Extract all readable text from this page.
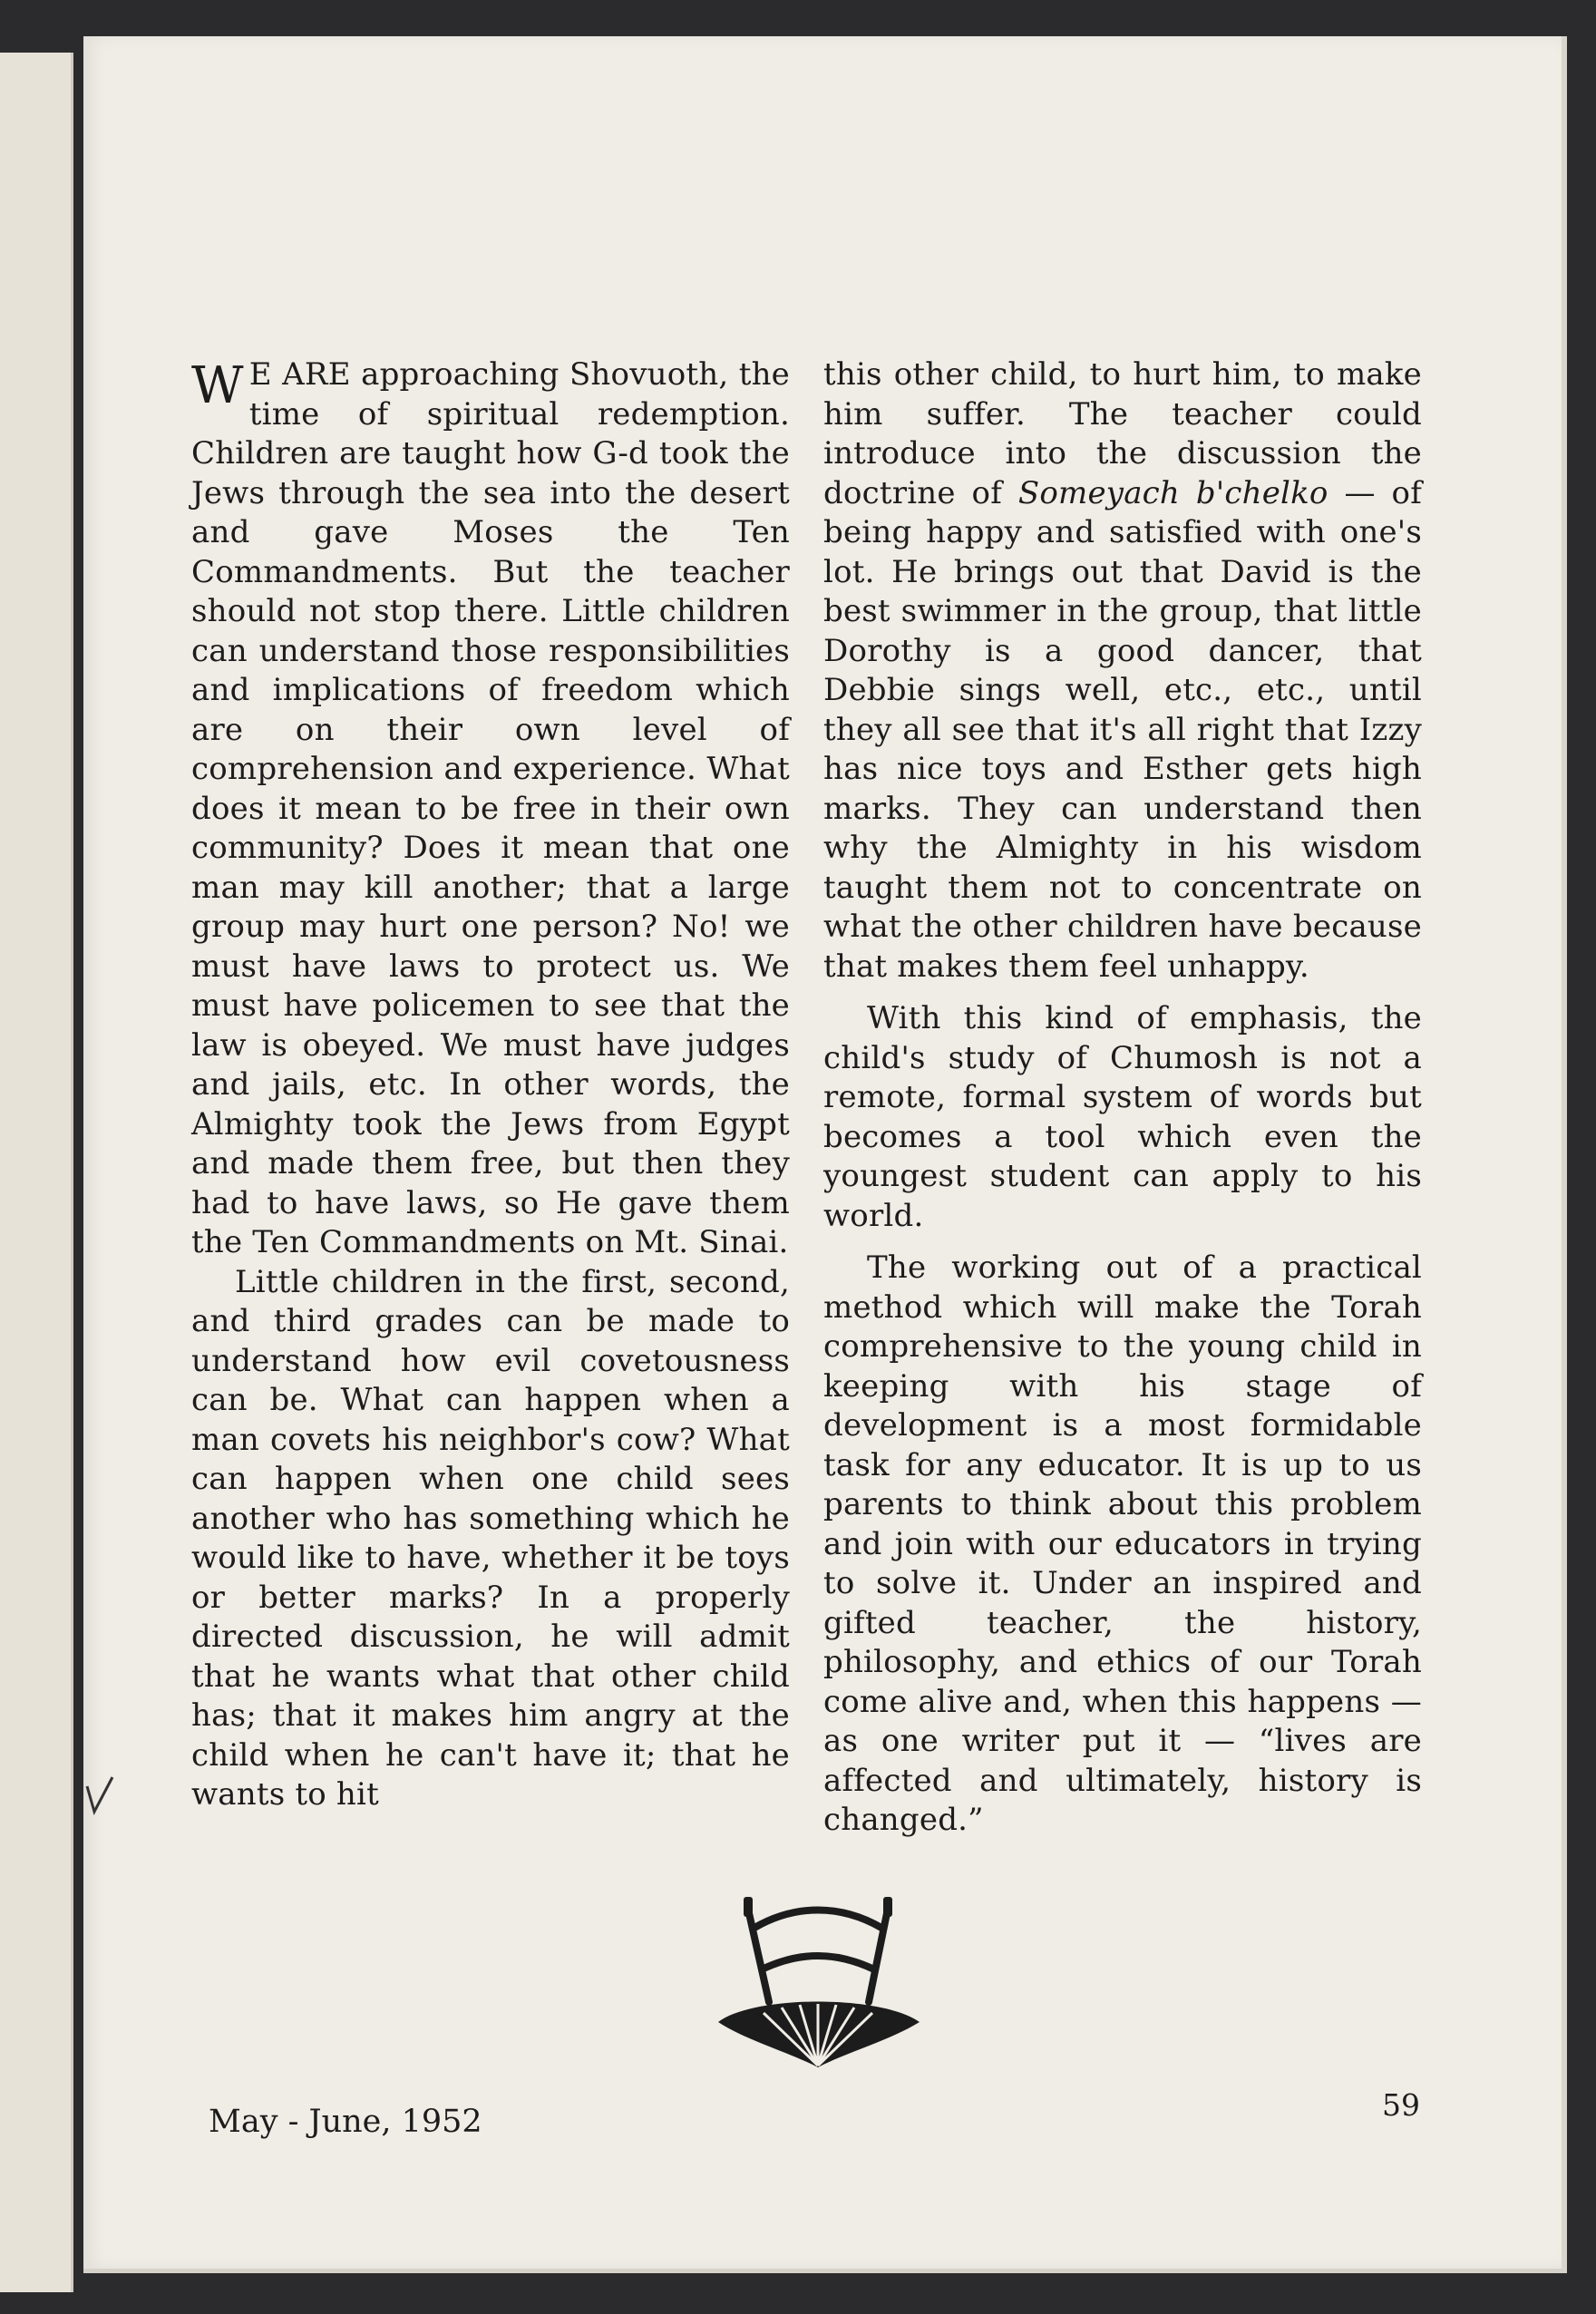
W E ARE approaching Shovuoth, the time of spiritual redemption. Children are taught how G-d took the Jews through the sea into the desert and gave Moses the Ten Commandments. But the teacher should not stop there. Little children can understand those responsibilities and implications of freedom which are on their own level of comprehension and experience. What does it mean to be free in their own community? Does it mean that one man may kill another; that a large group may hurt one person? No! we must have laws to protect us. We must have policemen to see that the law is obeyed. We must have judges and jails, etc. In other words, the Almighty took the Jews from Egypt and made them free, but then they had to have laws, so He gave them the Ten Commandments on Mt. Sinai.

Little children in the first, second, and third grades can be made to understand how evil covetousness can be. What can happen when a man covets his neighbor's cow? What can happen when one child sees another who has something which he would like to have, whether it be toys or better marks? In a properly directed discussion, he will admit that he wants what that other child has; that it makes him angry at the child when he can't have it; that he wants to hit

this other child, to hurt him, to make him suffer. The teacher could introduce into the discussion the doctrine of Someyach b'chelko — of being happy and satisfied with one's lot. He brings out that David is the best swimmer in the group, that little Dorothy is a good dancer, that Debbie sings well, etc., etc., until they all see that it's all right that Izzy has nice toys and Esther gets high marks. They can understand then why the Almighty in his wisdom taught them not to concentrate on what the other children have because that makes them feel unhappy.

With this kind of emphasis, the child's study of Chumosh is not a remote, formal system of words but becomes a tool which even the youngest student can apply to his world.

The working out of a practical method which will make the Torah comprehensive to the young child in keeping with his stage of development is a most formidable task for any educator. It is up to us parents to think about this problem and join with our educators in trying to solve it. Under an inspired and gifted teacher, the history, philosophy, and ethics of our Torah come alive and, when this happens — as one writer put it — “lives are affected and ultimately, history is changed.”

May - June, 1952	59
